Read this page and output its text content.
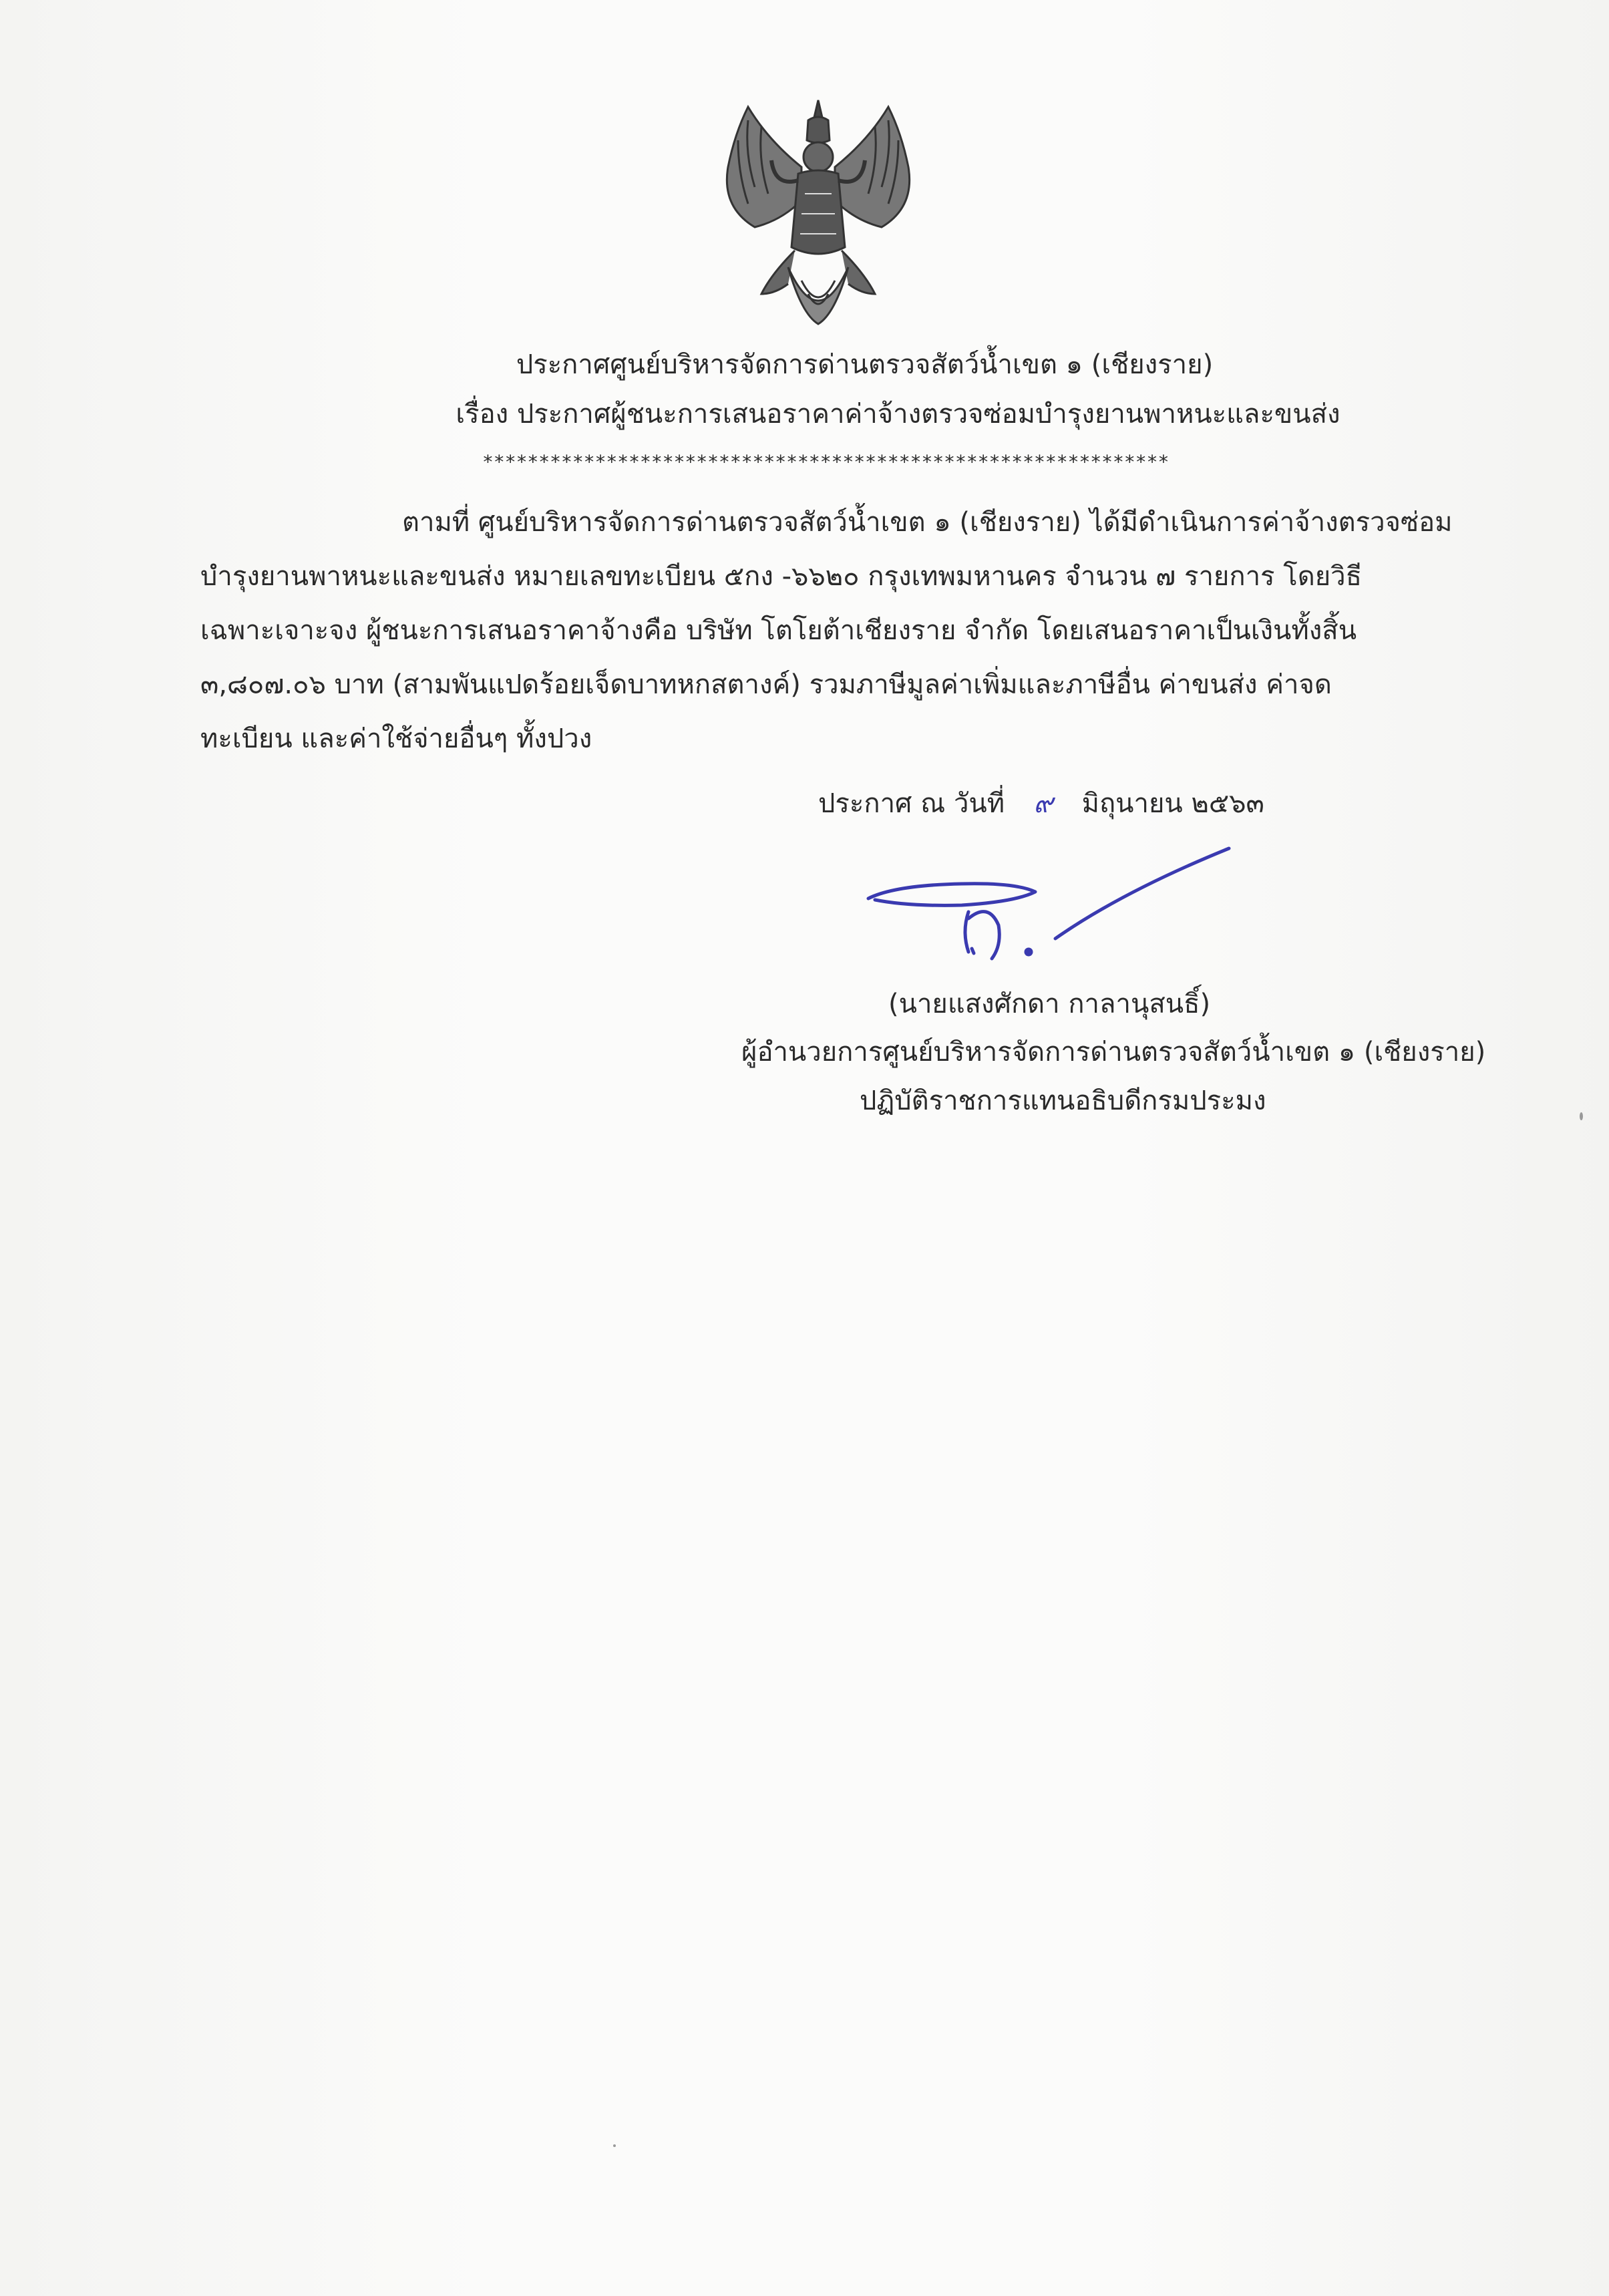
ประกาศศูนย์บริหารจัดการด่านตรวจสัตว์น้ำเขต ๑ (เชียงราย)
เรื่อง ประกาศผู้ชนะการเสนอราคาค่าจ้างตรวจซ่อมบำรุงยานพาหนะและขนส่ง
*************************************************************
ตามที่ ศูนย์บริหารจัดการด่านตรวจสัตว์น้ำเขต ๑ (เชียงราย) ได้มีดำเนินการค่าจ้างตรวจซ่อม
บำรุงยานพาหนะและขนส่ง หมายเลขทะเบียน ๕กง -๖๖๒๐ กรุงเทพมหานคร จำนวน ๗ รายการ โดยวิธี
เฉพาะเจาะจง ผู้ชนะการเสนอราคาจ้างคือ บริษัท โตโยต้าเชียงราย จำกัด โดยเสนอราคาเป็นเงินทั้งสิ้น
๓,๘๐๗.๐๖ บาท (สามพันแปดร้อยเจ็ดบาทหกสตางค์) รวมภาษีมูลค่าเพิ่มและภาษีอื่น ค่าขนส่ง ค่าจด
ทะเบียน และค่าใช้จ่ายอื่นๆ ทั้งปวง
ประกาศ ณ วันที่ ๙ มิถุนายน ๒๕๖๓
(นายแสงศักดา กาลานุสนธิ์)
ผู้อำนวยการศูนย์บริหารจัดการด่านตรวจสัตว์น้ำเขต ๑ (เชียงราย)
ปฏิบัติราชการแทนอธิบดีกรมประมง
